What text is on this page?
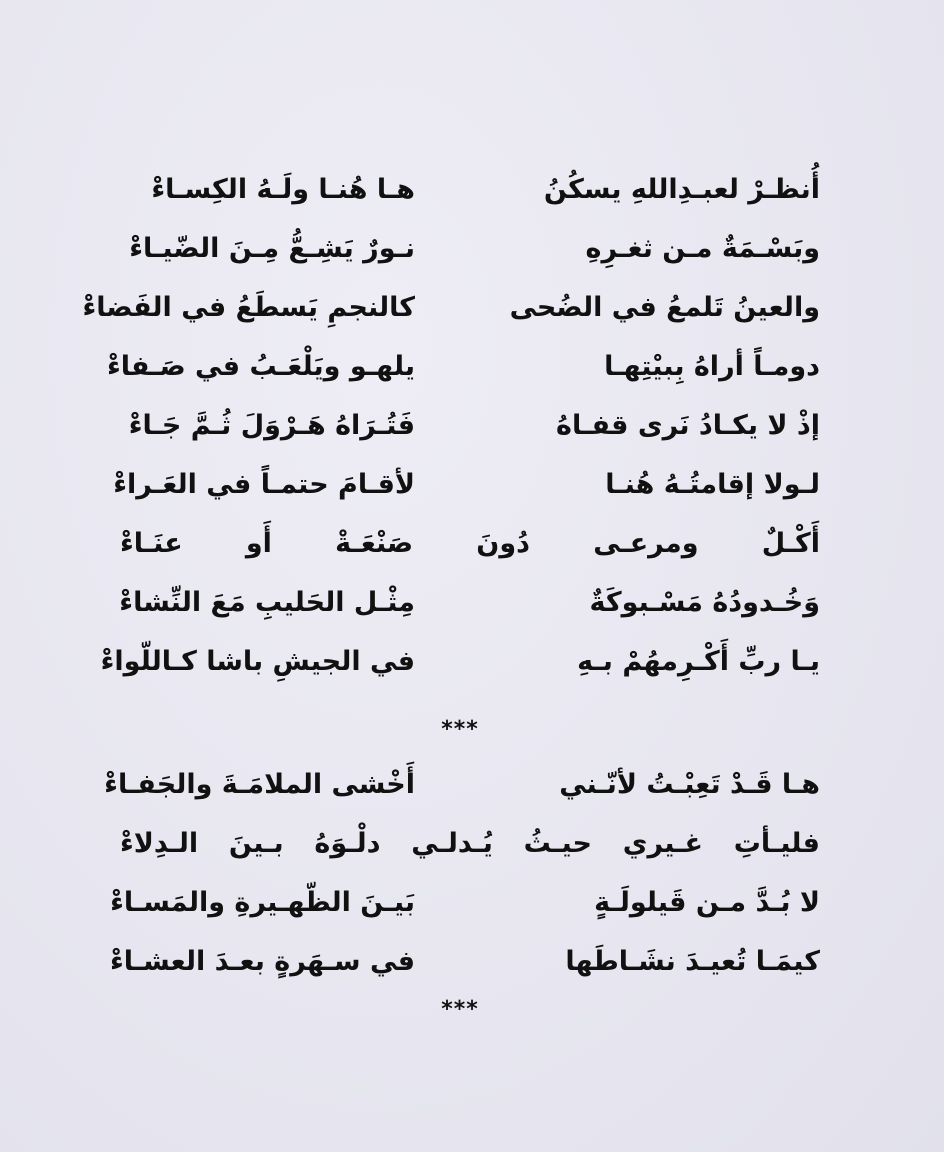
أُنظـرْ لعبـدِاللهِ يسكُنُ
هـا هُنـا ولَـهُ الكِسـاءْ
وبَسْـمَةٌ مـن ثغـرِهِ
نـورٌ يَشِـعُّ مِـنَ الضّيـاءْ
والعينُ تَلمعُ في الضُحى
كالنجمِ يَسطَعُ في الفَضاءْ
دومـاً أراهُ بِبيْتِهـا
يلهـو ويَلْعَـبُ في صَـفاءْ
إذْ لا يكـادُ نَرى قفـاهُ
فَتُـرَاهُ هَـرْوَلَ ثُـمَّ جَـاءْ
لـولا إقامتُـهُ هُنـا
لأقـامَ حتمـاً في العَـراءْ
أَكْـلٌ ومرعـى دُونَ صَنْعَـةْ أَو عنَـاءْ
وَخُـدودُهُ مَسْـبوكَةٌ
مِثْـل الحَليبِ مَعَ النِّشاءْ
يـا ربِّ أَكْـرِمهُمْ بـهِ
في الجيشِ باشا كـاللّواءْ
***
هـا قَـدْ تَعِبْـتُ لأنّـني
أَخْشى الملامَـةَ والجَفـاءْ
فليـأتِ غـيري حيـثُ يُـدلـي دلْـوَهُ بـينَ الـدِلاءْ
لا بُـدَّ مـن قَيلولَـةٍ
بَيـنَ الظّهـيرةِ والمَسـاءْ
كيمَـا تُعيـدَ نشَـاطَها
في سـهَرةٍ بعـدَ العشـاءْ
***
